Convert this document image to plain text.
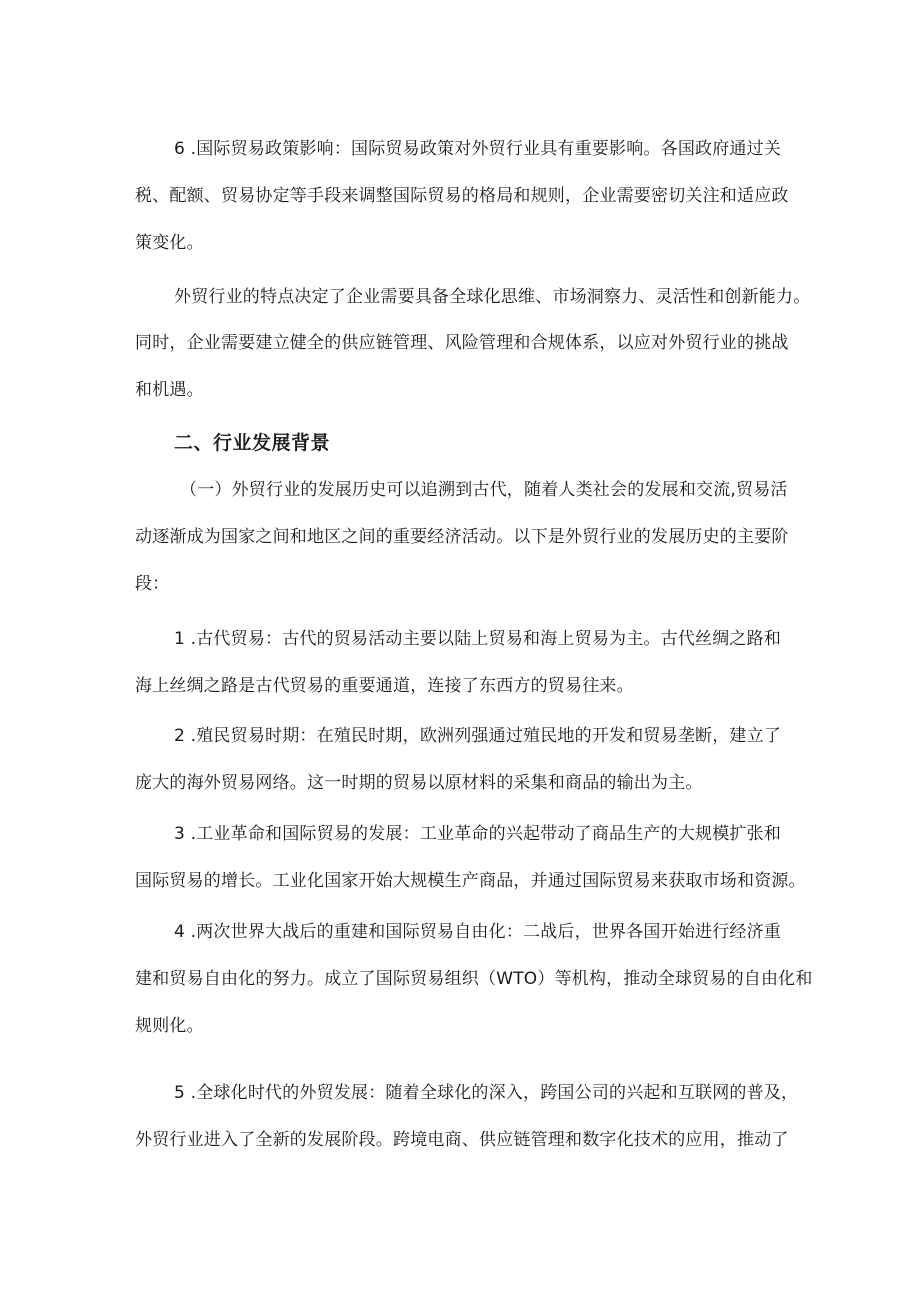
6 .国际贸易政策影响：国际贸易政策对外贸行业具有重要影响。各国政府通过关
税、配额、贸易协定等手段来调整国际贸易的格局和规则，企业需要密切关注和适应政
策变化。
外贸行业的特点决定了企业需要具备全球化思维、市场洞察力、灵活性和创新能力。
同时，企业需要建立健全的供应链管理、风险管理和合规体系，以应对外贸行业的挑战
和机遇。
二、行业发展背景
（一）外贸行业的发展历史可以追溯到古代，随着人类社会的发展和交流,贸易活
动逐渐成为国家之间和地区之间的重要经济活动。以下是外贸行业的发展历史的主要阶
段：
1 .古代贸易：古代的贸易活动主要以陆上贸易和海上贸易为主。古代丝绸之路和
海上丝绸之路是古代贸易的重要通道，连接了东西方的贸易往来。
2 .殖民贸易时期：在殖民时期，欧洲列强通过殖民地的开发和贸易垄断，建立了
庞大的海外贸易网络。这一时期的贸易以原材料的采集和商品的输出为主。
3 .工业革命和国际贸易的发展：工业革命的兴起带动了商品生产的大规模扩张和
国际贸易的增长。工业化国家开始大规模生产商品，并通过国际贸易来获取市场和资源。
4 .两次世界大战后的重建和国际贸易自由化：二战后，世界各国开始进行经济重
建和贸易自由化的努力。成立了国际贸易组织（WTO）等机构，推动全球贸易的自由化和
规则化。
5 .全球化时代的外贸发展：随着全球化的深入，跨国公司的兴起和互联网的普及，
外贸行业进入了全新的发展阶段。跨境电商、供应链管理和数字化技术的应用，推动了
